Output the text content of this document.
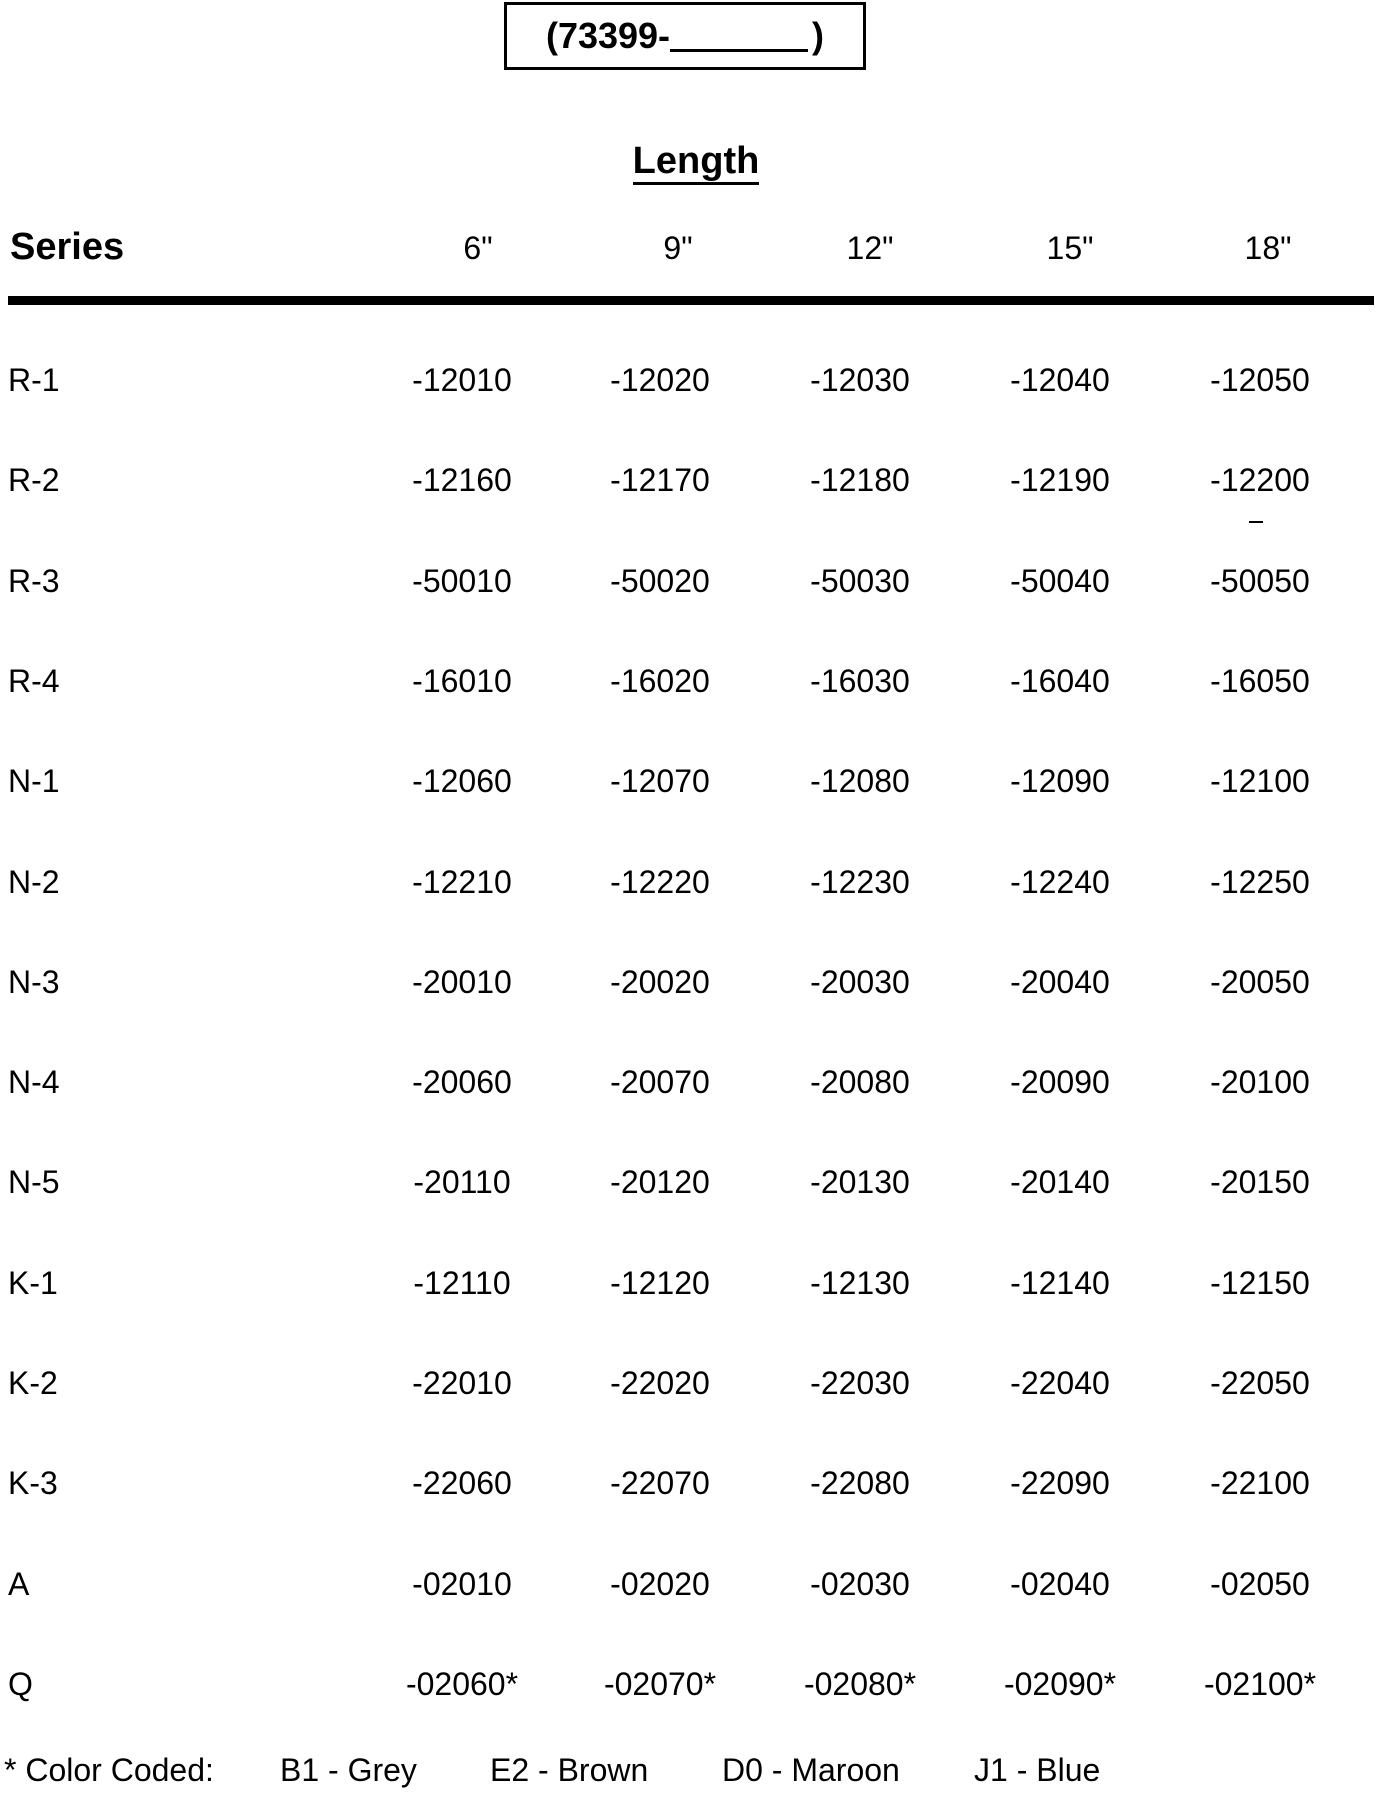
(73399-	)
Length
Series	6"	9"	12"	15"	18"
R-1	-12010	-12020	-12030	-12040	-12050
R-2	-12160	-12170	-12180	-12190	-12200
R-3	-50010	-50020	-50030	-50040	-50050
R-4	-16010	-16020	-16030	-16040	-16050
N-1	-12060	-12070	-12080	-12090	-12100
N-2	-12210	-12220	-12230	-12240	-12250
N-3	-20010	-20020	-20030	-20040	-20050
N-4	-20060	-20070	-20080	-20090	-20100
N-5	-20110	-20120	-20130	-20140	-20150
K-1	-12110	-12120	-12130	-12140	-12150
K-2	-22010	-22020	-22030	-22040	-22050
K-3	-22060	-22070	-22080	-22090	-22100
A	-02010	-02020	-02030	-02040	-02050
Q	-02060*	-02070*	-02080*	-02090*	-02100*
* Color Coded: B1 - Grey E2 - Brown D0 - Maroon J1 - Blue
